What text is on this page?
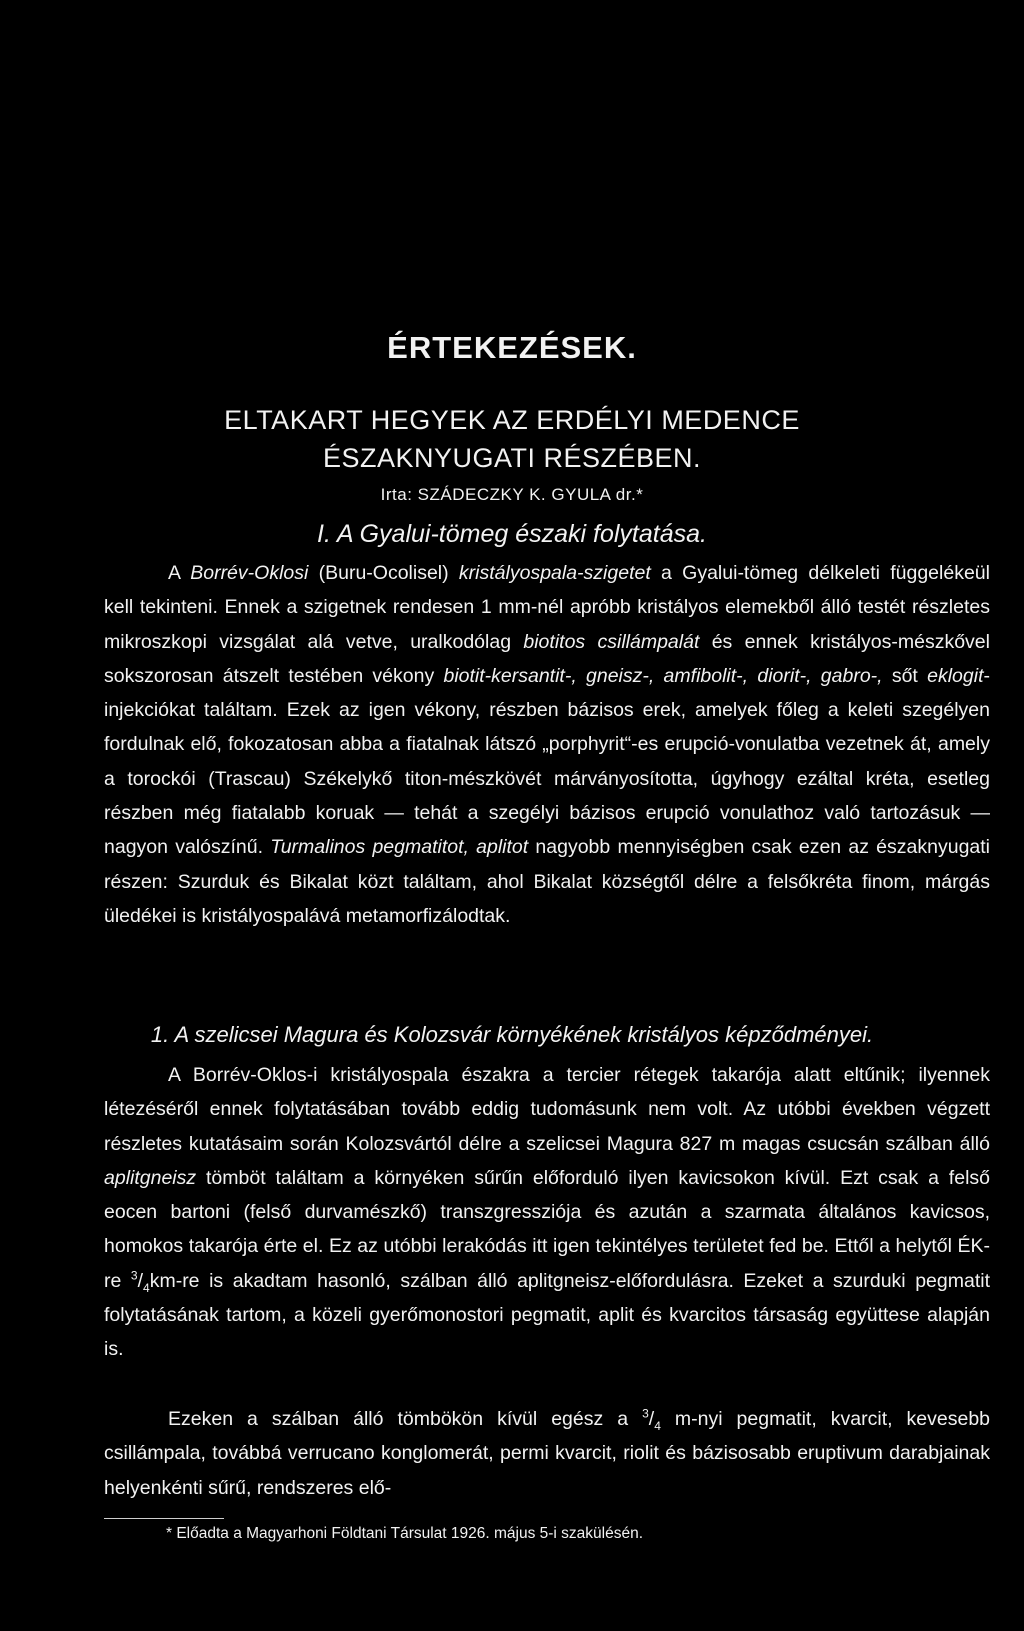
ÉRTEKEZÉSEK.
ELTAKART HEGYEK AZ ERDÉLYI MEDENCE
ÉSZAKNYUGATI RÉSZÉBEN.
Irta: SZÁDECZKY K. GYULA dr.*
I. A Gyalui-tömeg északi folytatása.

A Borrév-Oklosi (Buru-Ocolisel) kristályospala-szigetet a Gyalui-tömeg délkeleti függelékeül kell tekinteni. Ennek a szigetnek rendesen 1 mm-nél apróbb kristályos elemekből álló testét részletes mikroszkopi vizsgálat alá vetve, uralkodólag biotitos csillámpalát és ennek kristályos-mészkővel sokszorosan átszelt testében vékony biotit-kersantit-, gneisz-, amfibolit-, diorit-, gabro-, sőt eklogit-injekciókat találtam. Ezek az igen vékony, részben bázisos erek, amelyek főleg a keleti szegélyen fordulnak elő, fokozatosan abba a fiatalnak látszó „porphyrit“-es erupció-vonulatba vezetnek át, amely a torockói (Trascau) Székelykő titon-mészkövét márványosította, úgyhogy ezáltal kréta, esetleg részben még fiatalabb koruak — tehát a szegélyi bázisos erupció vonulathoz való tartozásuk — nagyon valószínű. Turmalinos pegmatitot, aplitot nagyobb mennyiségben csak ezen az északnyugati részen: Szurduk és Bikalat közt találtam, ahol Bikalat községtől délre a felsőkréta finom, márgás üledékei is kristályospalává metamorfizálodtak.

1. A szelicsei Magura és Kolozsvár környékének kristályos képződményei.

A Borrév-Oklos-i kristályospala északra a tercier rétegek takarója alatt eltűnik; ilyennek létezéséről ennek folytatásában tovább eddig tudomásunk nem volt. Az utóbbi években végzett részletes kutatásaim során Kolozsvártól délre a szelicsei Magura 827 m magas csucsán szálban álló aplitgneisz tömböt találtam a környéken sűrűn előforduló ilyen kavicsokon kívül. Ezt csak a felső eocen bartoni (felső durvamészkő) transzgressziója és azután a szarmata általános kavicsos, homokos takarója érte el. Ez az utóbbi lerakódás itt igen tekintélyes területet fed be. Ettől a helytől ÉK-re $^3/_4km-re$ is akadtam hasonló, szálban álló aplitgneisz-előfordulásra. Ezeket a szurduki pegmatit folytatásának tartom, a közeli gyerőmonostori pegmatit, aplit és kvarcitos társaság együttese alapján is.

Ezeken a szálban álló tömbökön kívül egész a $^3/_4$ m-nyi pegmatit, kvarcit, kevesebb csillámpala, továbbá verrucano konglomerát, permi kvarcit, riolit és bázisosabb eruptivum darabjainak helyenkénti sűrű, rendszeres elő-

* Előadta a Magyarhoni Földtani Társulat 1926. május 5-i szakülésén.
